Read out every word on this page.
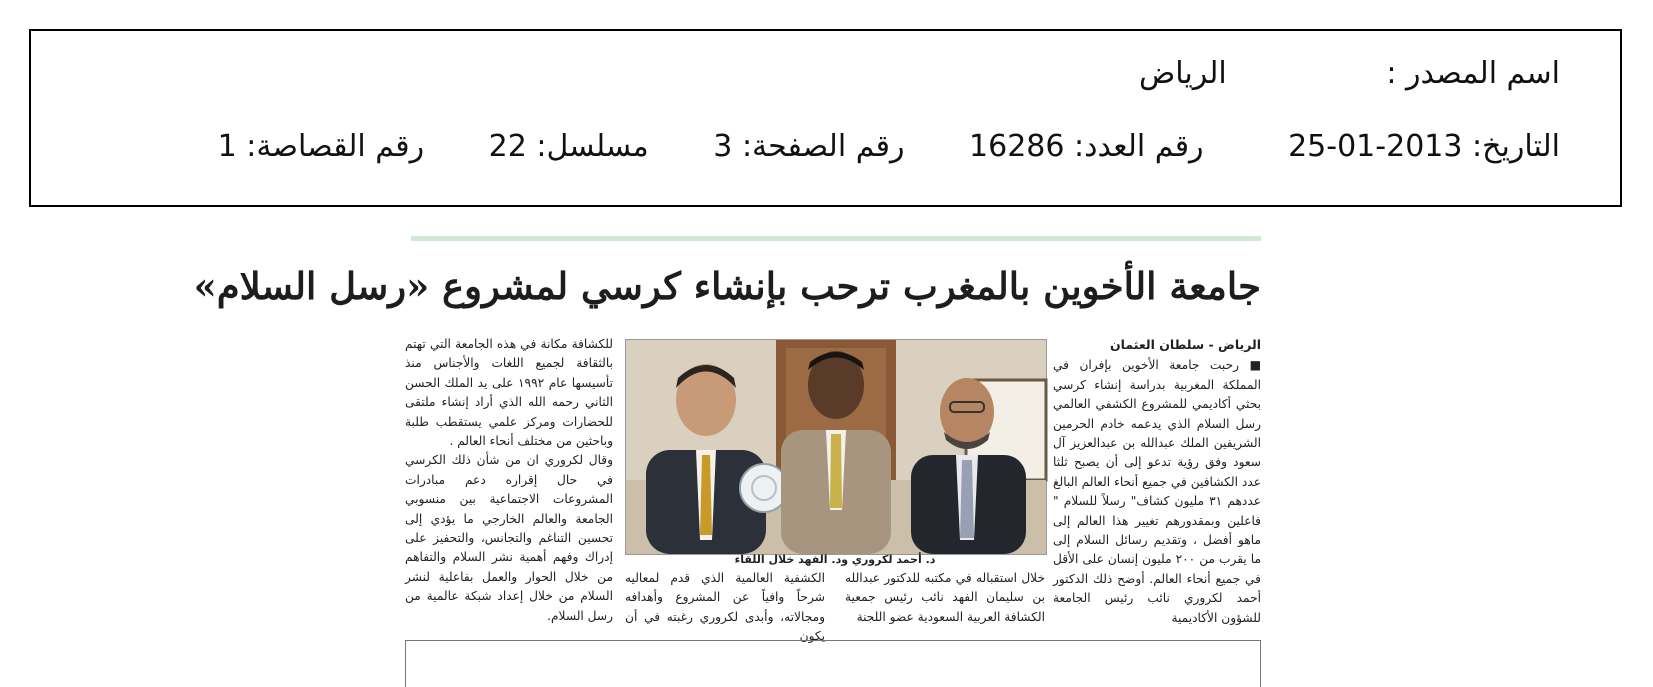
اسم المصدر : الرياض
التاريخ: 2013-01-25 رقم العدد: 16286 رقم الصفحة: 3 مسلسل: 22 رقم القصاصة: 1
جامعة الأخوين بالمغرب ترحب بإنشاء كرسي لمشروع «رسل السلام»

الرياض - سلطان العثمان

■ رحبت جامعة الأخوين بإفران في المملكة المغربية بدراسة إنشاء كرسي بحثي أكاديمي للمشروع الكشفي العالمي رسل السلام الذي يدعمه خادم الحرمين الشريفين الملك عبدالله بن عبدالعزيز آل سعود وفق رؤية تدعو إلى أن يصبح ثلثا عدد الكشافين في جميع أنحاء العالم البالغ عددهم ٣١ مليون كشاف" رسلاً للسلام " فاعلين وبمقدورهم تغيير هذا العالم إلى ماهو أفضل ، وتقديم رسائل السلام إلى ما يقرب من ٢٠٠ مليون إنسان على الأقل في جميع أنحاء العالم. أوضح ذلك الدكتور أحمد لكروري نائب رئيس الجامعة للشؤون الأكاديمية

للكشافة مكانة في هذه الجامعة التي تهتم بالثقافة لجميع اللغات والأجناس منذ تأسيسها عام ١٩٩٢ على يد الملك الحسن الثاني رحمه الله الذي أراد إنشاء ملتقى للحضارات ومركز علمي يستقطب طلبة وباحثين من مختلف أنحاء العالم .

وقال لكروري ان من شأن ذلك الكرسي في حال إقراره دعم مبادرات المشروعات الاجتماعية بين منسوبي الجامعة والعالم الخارجي ما يؤدي إلى تحسين التناغم والتجانس، والتحفيز على إدراك وفهم أهمية نشر السلام والتفاهم من خلال الحوار والعمل بفاعلية لنشر السلام من خلال إعداد شبكة عالمية من رسل السلام.

د. أحمد لكروري ود. الفهد خلال اللقاء

الكشفية العالمية الذي قدم لمعاليه شرحاً وافياً عن المشروع وأهدافه ومجالاته، وأبدى لكروري رغبته في أن يكون

خلال استقباله في مكتبه للدكتور عبدالله بن سليمان الفهد نائب رئيس جمعية الكشافة العربية السعودية عضو اللجنة
